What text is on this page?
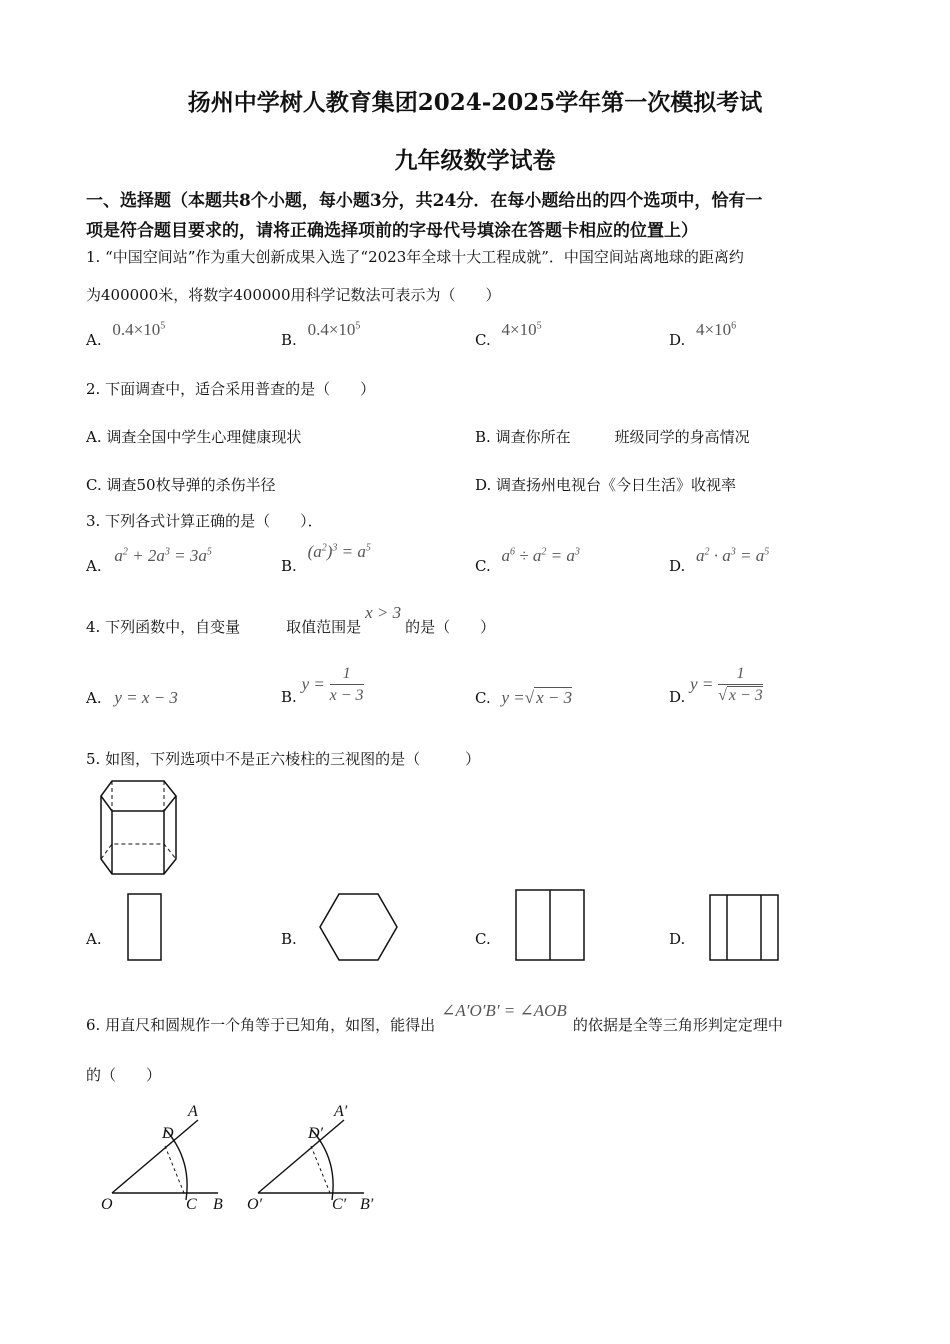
扬州中学树人教育集团2024-2025学年第一次模拟考试
九年级数学试卷
一、选择题（本题共8个小题，每小题3分，共24分．在每小题给出的四个选项中，恰有一
项是符合题目要求的，请将正确选择项前的字母代号填涂在答题卡相应的位置上）
1. “中国空间站”作为重大创新成果入选了“2023年全球十大工程成就”．中国空间站离地球的距离约
为400000米，将数字400000用科学记数法可表示为（　　）
A. $0.4\times 10^5$
B. $0.4\times 10^5$
C. $4\times 10^5$
D. $4\times 10^6$
2. 下面调查中，适合采用普查的是（　　）
A. 调查全国中学生心理健康现状	B. 调查你所在	班级同学的身高情况
C. 调查50枚导弹的杀伤半径	D. 调查扬州电视台《今日生活》收视率
3. 下列各式计算正确的是（　　）．
A. $a^2 + 2a^3 = 3a^5$
B. $(a^2)^3 = a^5$
C. $a^6 \div a^2 = a^3$
D. $a^2 \cdot a^3 = a^5$
4. 下列函数中，自变量	取值范围是x > 3的是（　　）
A. y = x − 3	B. $y = \frac{1}{x - 3}$	C. y =√ x − 3	D. $y = \frac{1}{√ x - 3}$
5. 如图，下列选项中不是正六棱柱的三视图的是（　　　）
A.	B.	C.	D.
6. 用直尺和圆规作一个角等于已知角，如图，能得出∠A′O′B′ = ∠AOB的依据是全等三角形判定定理中
的（　　）
A
D
O	C B
A′
D′
O′	C′ B′
